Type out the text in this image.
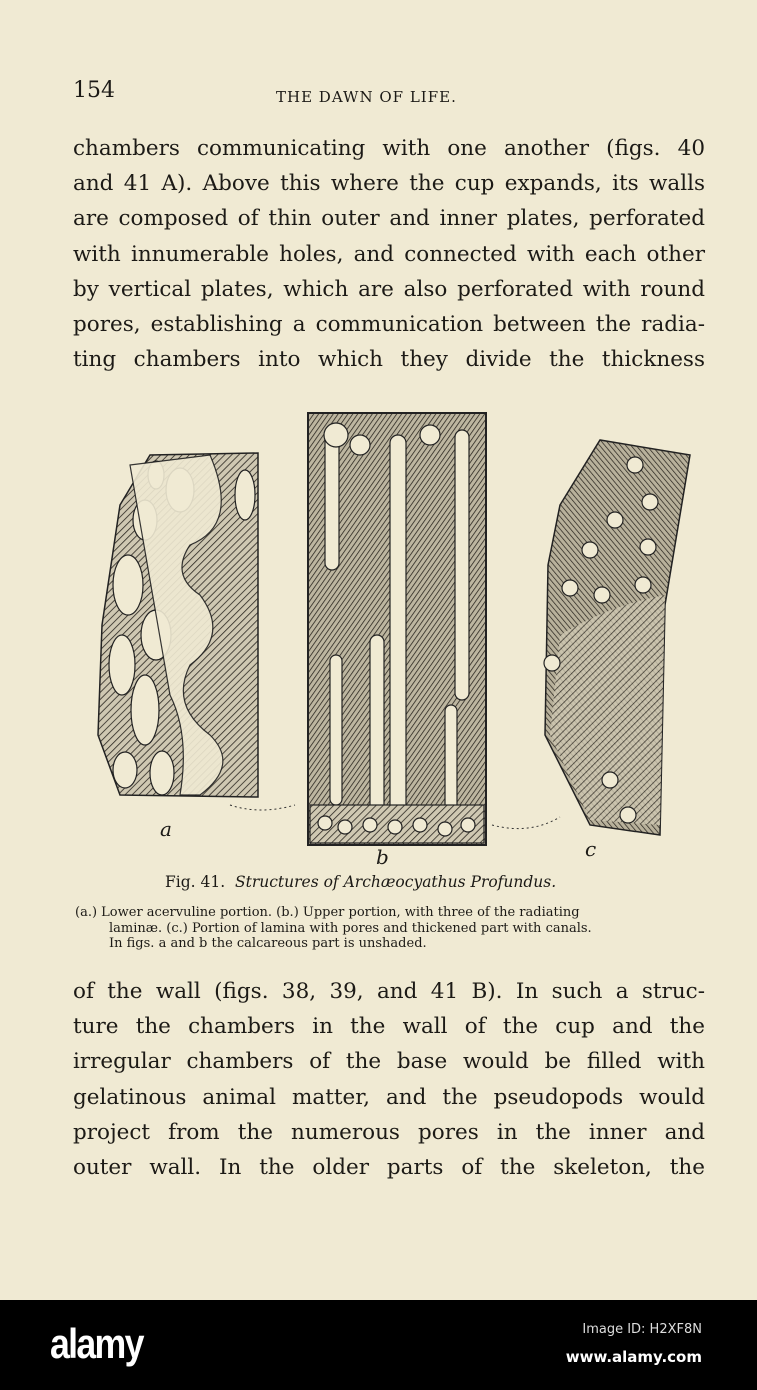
154	THE DAWN OF LIFE.
chambers communicating with one another (figs. 40
and 41 A). Above this where the cup expands, its walls
are composed of thin outer and inner plates, perforated
with innumerable holes, and connected with each other
by vertical plates, which are also perforated with round
pores, establishing a communication between the radia-
ting chambers into which they divide the thickness
a
b	c
Fig. 41. Structures of Archæocyathus Profundus.
(a.) Lower acervuline portion. (b.) Upper portion, with three of the radiating
laminæ. (c.) Portion of lamina with pores and thickened part with canals.
In figs. a and b the calcareous part is unshaded.
of the wall (figs. 38, 39, and 41 B). In such a struc-
ture the chambers in the wall of the cup and the
irregular chambers of the base would be filled with
gelatinous animal matter, and the pseudopods would
project from the numerous pores in the inner and
outer wall. In the older parts of the skeleton, the
alamy	Image ID: H2XF8N
www.alamy.com
